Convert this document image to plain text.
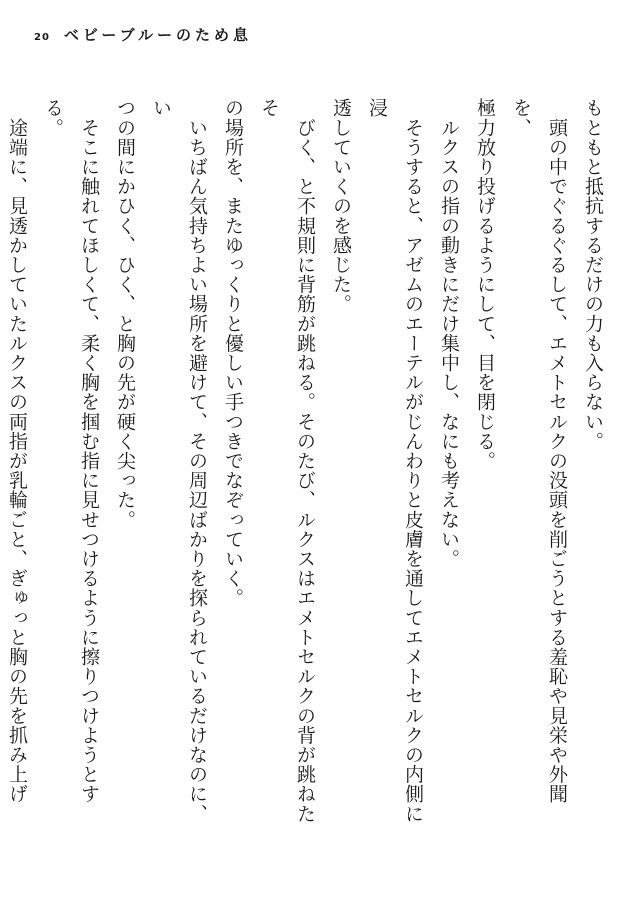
20 ベビーブルーのため息

もともと抵抗するだけの力も入らない。

　頭の中でぐるぐるして、エメトセルクの没頭を削ごうとする羞恥や見栄や外聞を、

極力放り投げるようにして、目を閉じる。

　ルクスの指の動きにだけ集中し、なにも考えない。

　そうすると、アゼムのエーテルがじんわりと皮膚を通してエメトセルクの内側に浸

透していくのを感じた。

　びく、と不規則に背筋が跳ねる。そのたび、ルクスはエメトセルクの背が跳ねたそ

の場所を、またゆっくりと優しい手つきでなぞっていく。

　いちばん気持ちよい場所を避けて、その周辺ばかりを探られているだけなのに、い

つの間にかひく、ひく、と胸の先が硬く尖った。

　そこに触れてほしくて、柔く胸を掴む指に見せつけるように擦りつけようとする。

　途端に、見透かしていたルクスの両指が乳輪ごと、ぎゅっと胸の先を抓み上げ
